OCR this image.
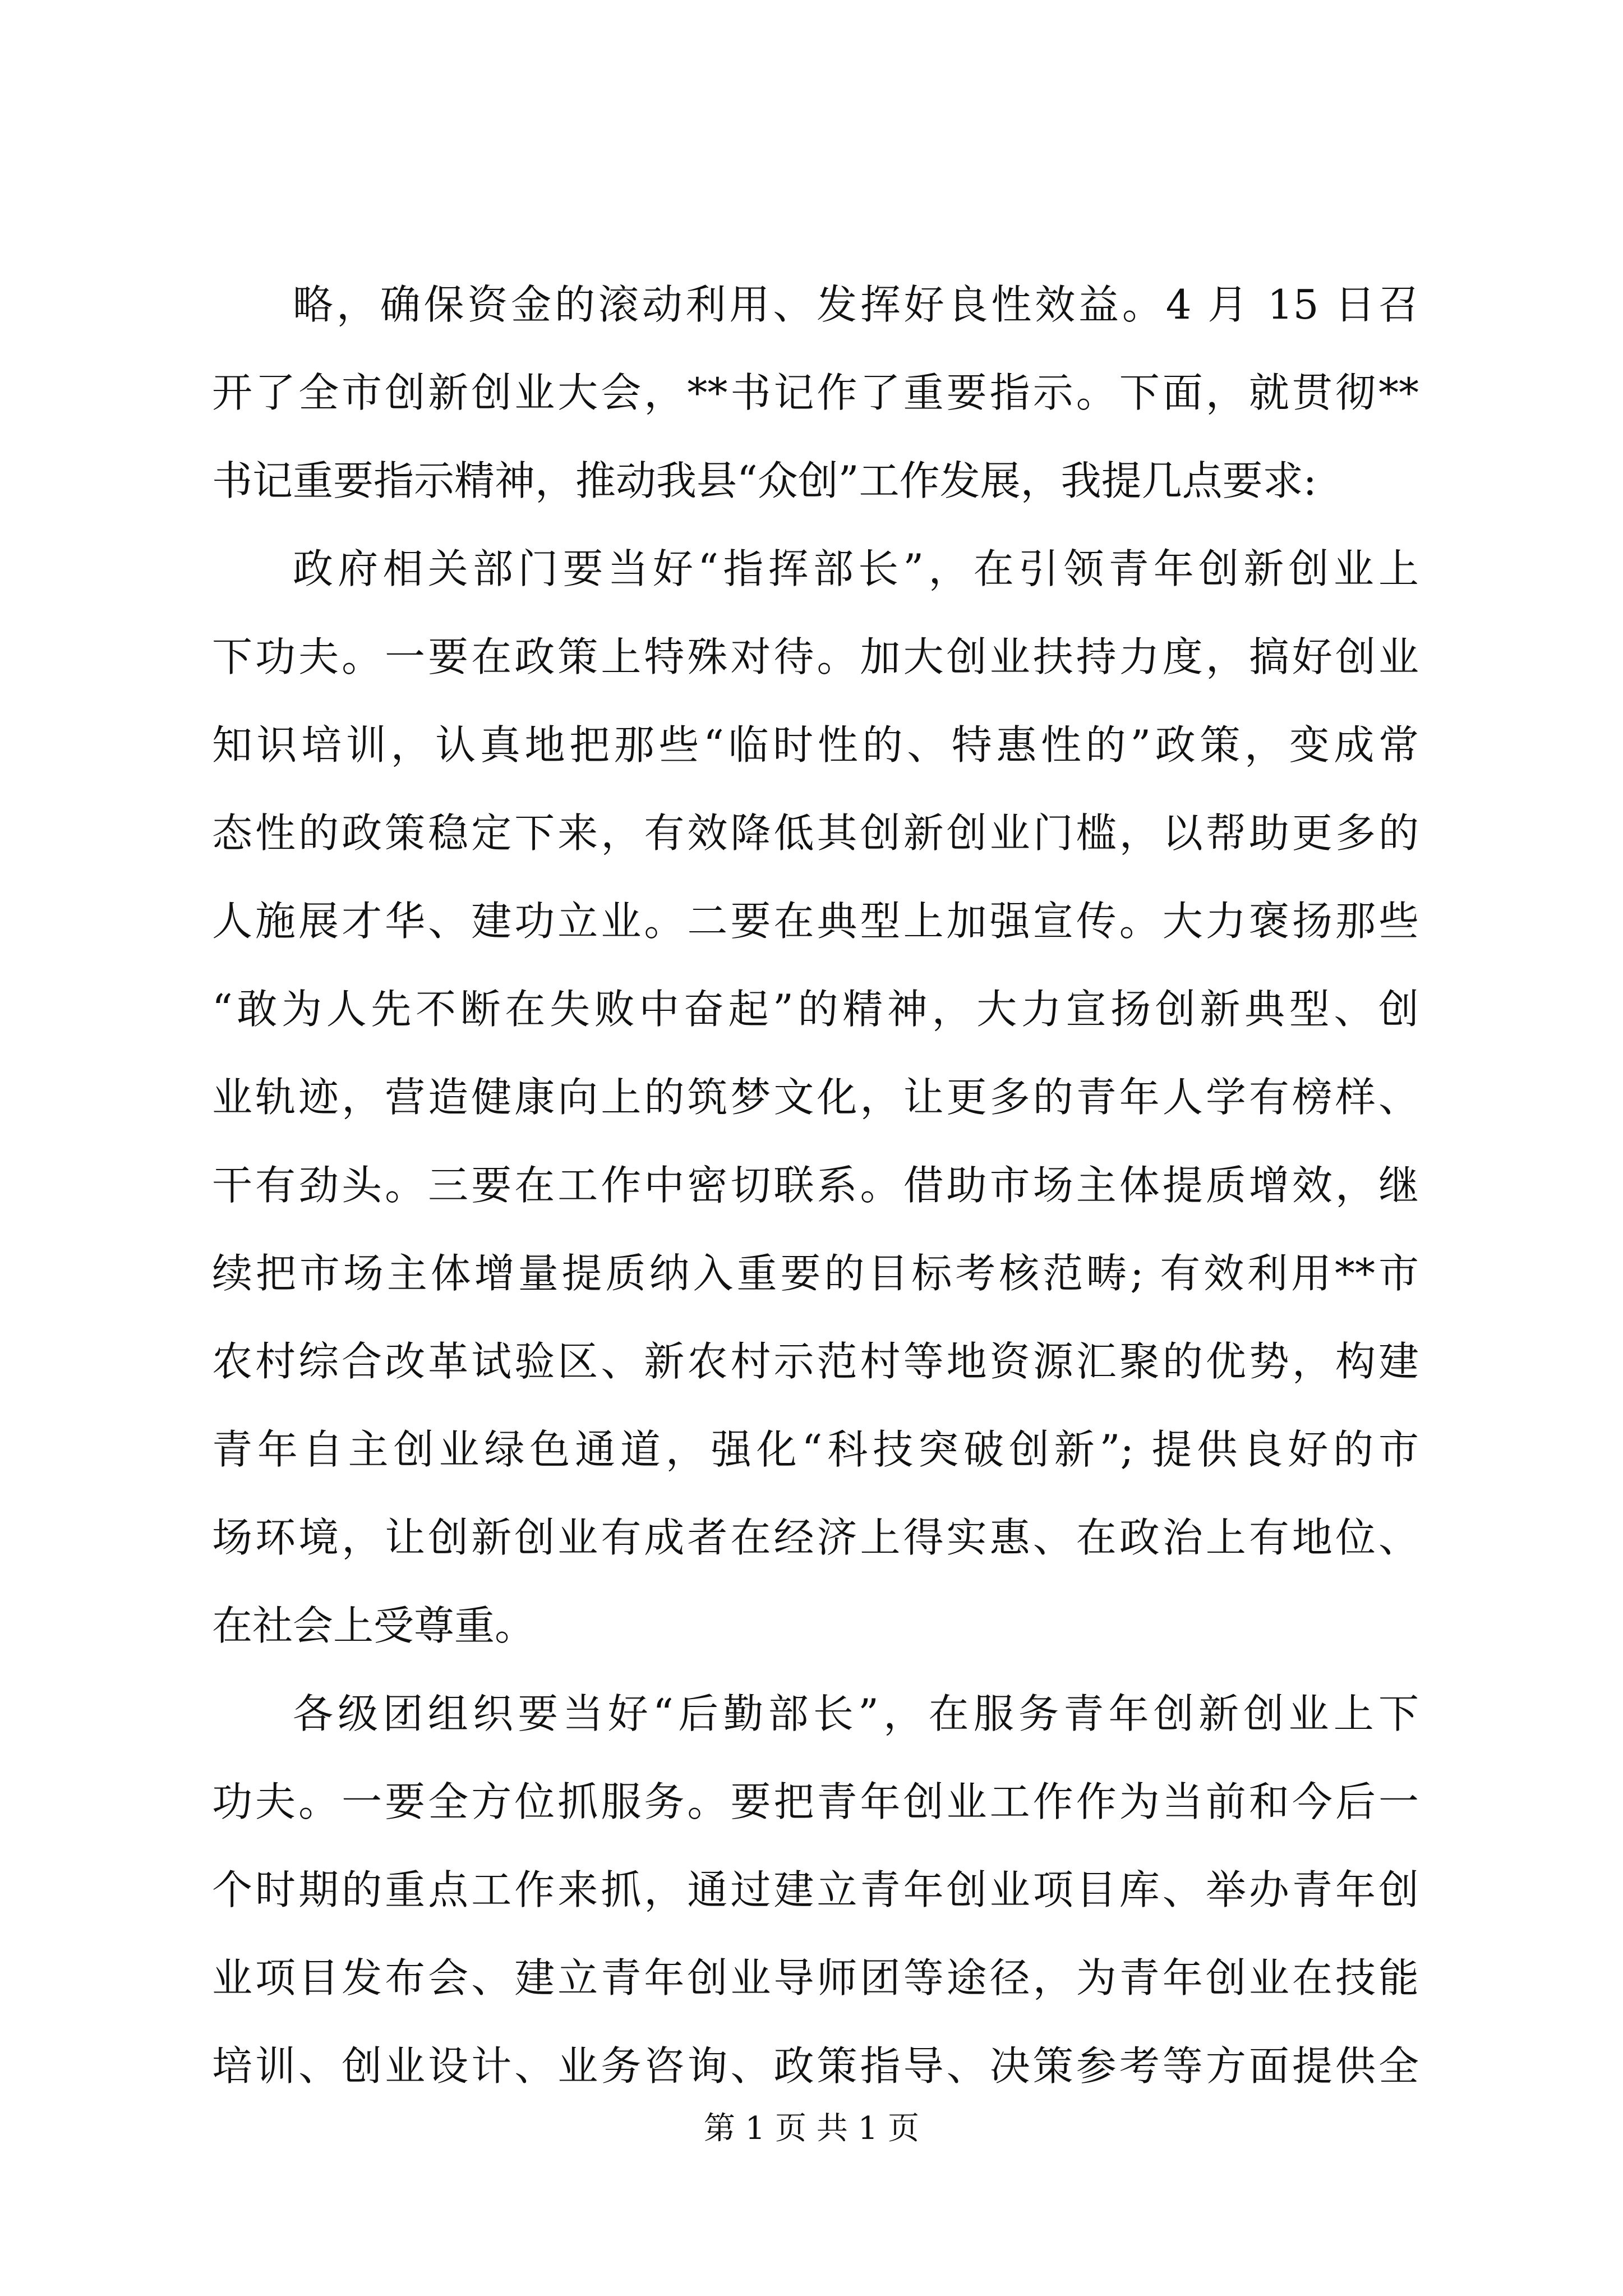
略，确保资金的滚动利用、发挥好良性效益。4 月 15 日召
开了全市创新创业大会，**书记作了重要指示。下面，就贯彻**
书记重要指示精神，推动我县“众创”工作发展，我提几点要求:
政府相关部门要当好“指挥部长”，在引领青年创新创业上
下功夫。一要在政策上特殊对待。加大创业扶持力度，搞好创业
知识培训，认真地把那些“临时性的、特惠性的”政策，变成常
态性的政策稳定下来，有效降低其创新创业门槛，以帮助更多的
人施展才华、建功立业。二要在典型上加强宣传。大力褒扬那些
“敢为人先不断在失败中奋起”的精神，大力宣扬创新典型、创
业轨迹，营造健康向上的筑梦文化，让更多的青年人学有榜样、
干有劲头。三要在工作中密切联系。借助市场主体提质增效，继
续把市场主体增量提质纳入重要的目标考核范畴; 有效利用**市
农村综合改革试验区、新农村示范村等地资源汇聚的优势，构建
青年自主创业绿色通道，强化“科技突破创新”; 提供良好的市
场环境，让创新创业有成者在经济上得实惠、在政治上有地位、
在社会上受尊重。
各级团组织要当好“后勤部长”，在服务青年创新创业上下
功夫。一要全方位抓服务。要把青年创业工作作为当前和今后一
个时期的重点工作来抓，通过建立青年创业项目库、举办青年创
业项目发布会、建立青年创业导师团等途径，为青年创业在技能
培训、创业设计、业务咨询、政策指导、决策参考等方面提供全
第 1 页 共 1 页
